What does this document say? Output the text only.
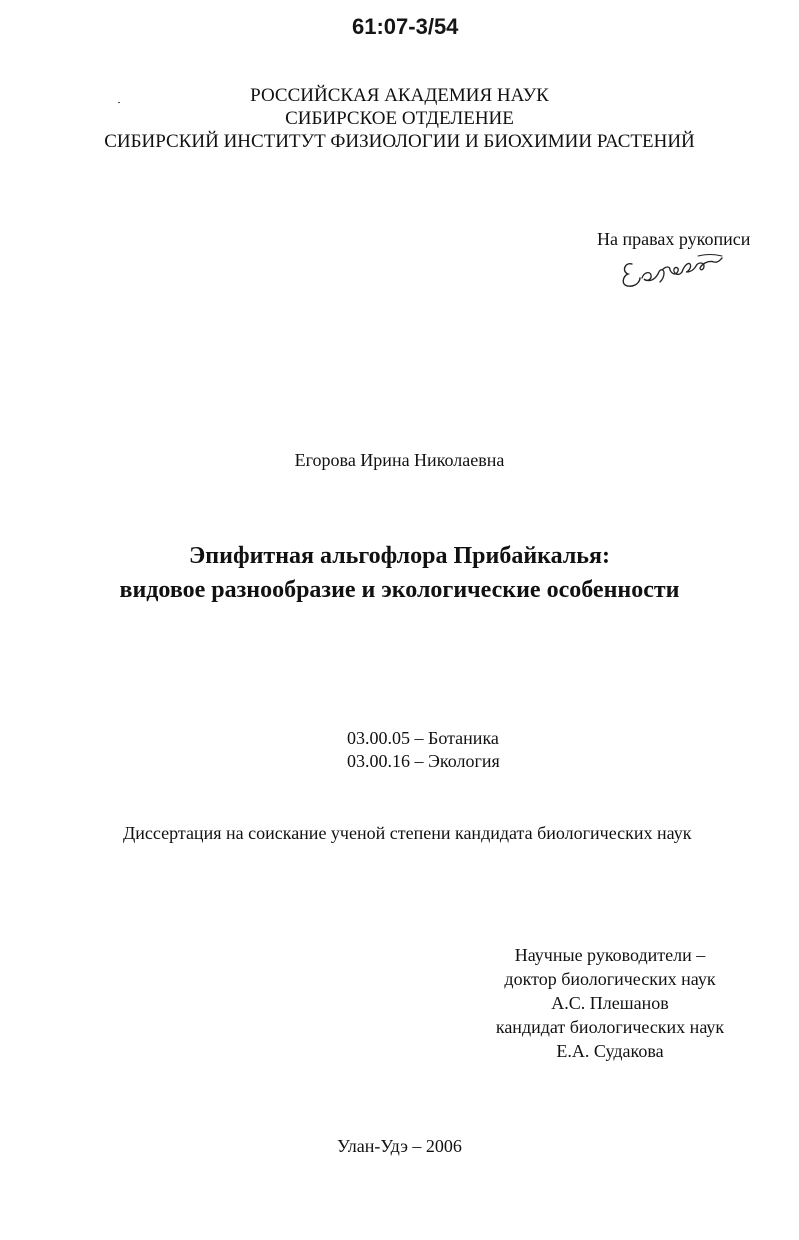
61:07-3/54
РОССИЙСКАЯ АКАДЕМИЯ НАУК
СИБИРСКОЕ ОТДЕЛЕНИЕ
СИБИРСКИЙ ИНСТИТУТ ФИЗИОЛОГИИ И БИОХИМИИ РАСТЕНИЙ
На правах рукописи
Егорова Ирина Николаевна
Эпифитная альгофлора Прибайкалья:
видовое разнообразие и экологические особенности
03.00.05 – Ботаника
03.00.16 – Экология
Диссертация на соискание ученой степени кандидата биологических наук
Научные руководители –
доктор биологических наук
А.С. Плешанов
кандидат биологических наук
Е.А. Судакова
Улан-Удэ – 2006
